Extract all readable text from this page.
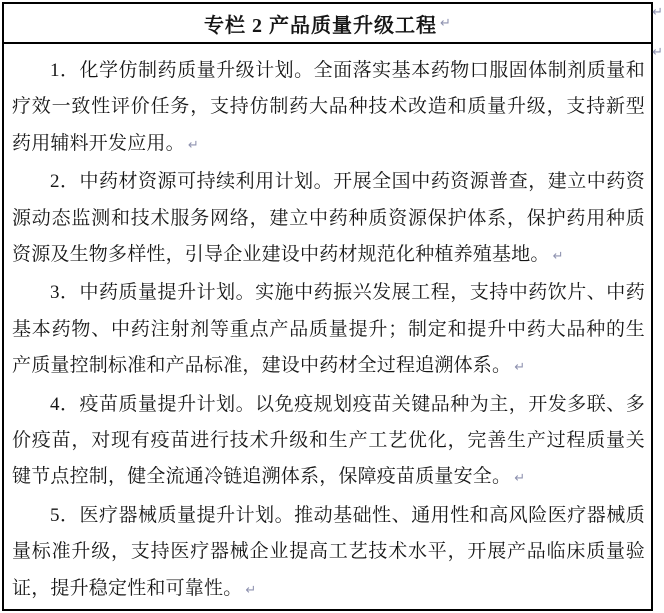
专栏 2 产品质量升级工程 ↵

1．化学仿制药质量升级计划。全面落实基本药物口服固体制剂质量和疗效一致性评价任务，支持仿制药大品种技术改造和质量升级，支持新型药用辅料开发应用。 ↵

2．中药材资源可持续利用计划。开展全国中药资源普查，建立中药资源动态监测和技术服务网络，建立中药种质资源保护体系，保护药用种质资源及生物多样性，引导企业建设中药材规范化种植养殖基地。 ↵

3．中药质量提升计划。实施中药振兴发展工程，支持中药饮片、中药基本药物、中药注射剂等重点产品质量提升；制定和提升中药大品种的生产质量控制标准和产品标准，建设中药材全过程追溯体系。 ↵

4．疫苗质量提升计划。以免疫规划疫苗关键品种为主，开发多联、多价疫苗，对现有疫苗进行技术升级和生产工艺优化，完善生产过程质量关键节点控制，健全流通冷链追溯体系，保障疫苗质量安全。 ↵

5．医疗器械质量提升计划。推动基础性、通用性和高风险医疗器械质量标准升级，支持医疗器械企业提高工艺技术水平，开展产品临床质量验证，提升稳定性和可靠性。 ↵

↵
↵
